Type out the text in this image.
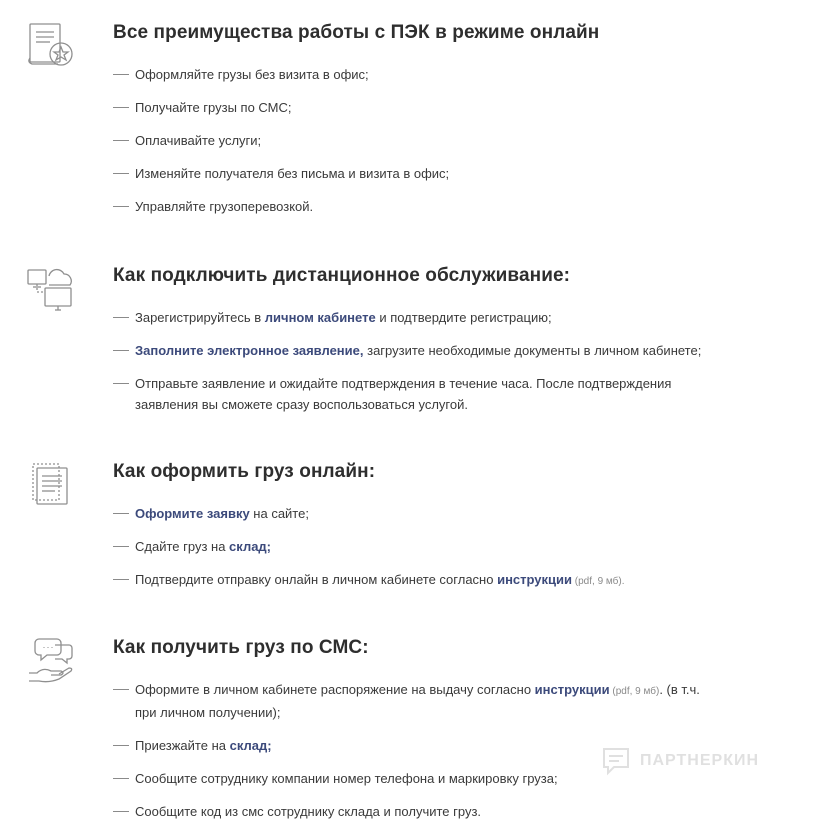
Все преимущества работы с ПЭК в режиме онлайн
Оформляйте грузы без визита в офис;
Получайте грузы по СМС;
Оплачивайте услуги;
Изменяйте получателя без письма и визита в офис;
Управляйте грузоперевозкой.
Как подключить дистанционное обслуживание:
Зарегистрируйтесь в личном кабинете и подтвердите регистрацию;
Заполните электронное заявление, загрузите необходимые документы в личном кабинете;
Отправьте заявление и ожидайте подтверждения в течение часа. После подтверждения заявления вы сможете сразу воспользоваться услугой.
Как оформить груз онлайн:
Оформите заявку на сайте;
Сдайте груз на склад;
Подтвердите отправку онлайн в личном кабинете согласно инструкции (pdf, 9 мб).
Как получить груз по СМС:
Оформите в личном кабинете распоряжение на выдачу согласно инструкции (pdf, 9 мб). (в т.ч. при личном получении);
Приезжайте на склад;
Сообщите сотруднику компании номер телефона и маркировку груза;
Сообщите код из смс сотруднику склада и получите груз.
ПАРТНЕРКИН
